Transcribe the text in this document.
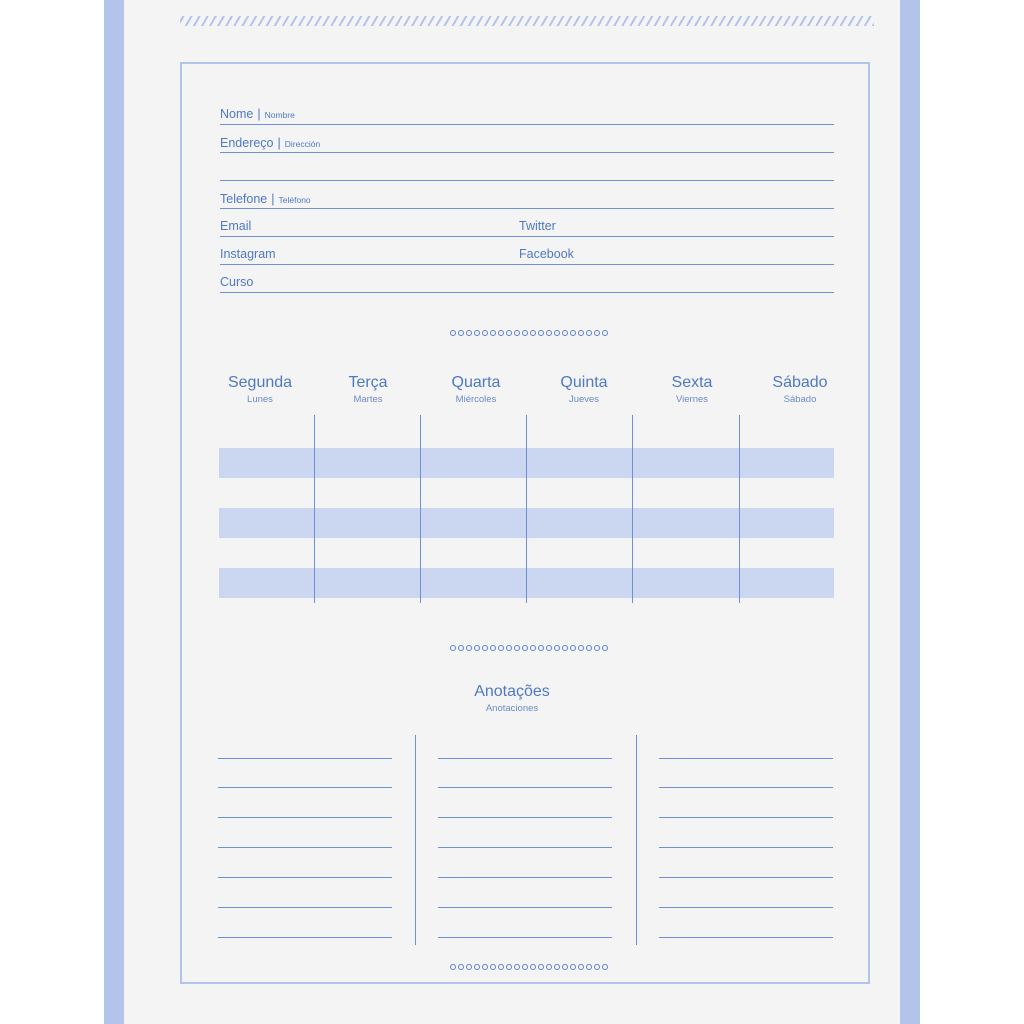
Nome | Nombre
Endereço | Dirección
Telefone | Teléfono
Email	Twitter
Instagram	Facebook
Curso
Segunda
Lunes
Terça
Martes
Quarta
Miércoles
Quinta
Jueves
Sexta
Viernes
Sábado
Sábado
Anotações
Anotaciones
